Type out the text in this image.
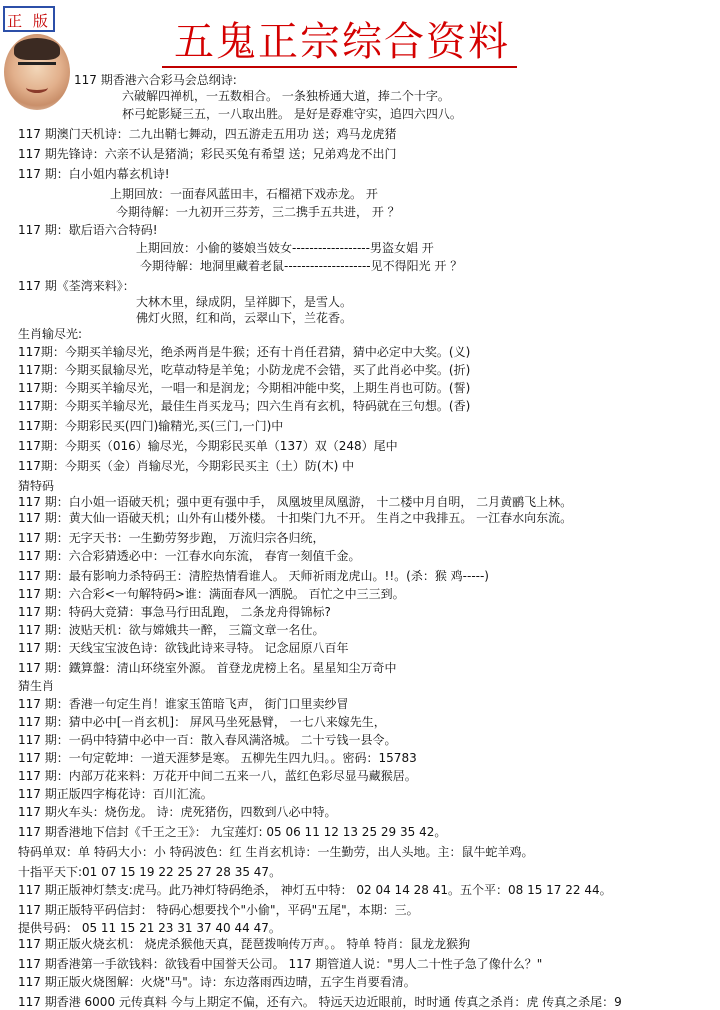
正 版	五鬼正宗综合资料
117 期香港六合彩马会总纲诗:
六破解四禅机，一五数相合。 一条独桥通大道，捧二个十字。
杯弓蛇影疑三五，一八取出胜。 是好是孬难守实，追四六四八。
117 期澳门天机诗：二九出鞘七舞动，四五游走五用功 送；鸡马龙虎猪
117 期先锋诗：六亲不认是猪淌；彩民买兔有希望 送；兄弟鸡龙不出门
117 期：白小姐内幕玄机诗!
上期回放：一面春风蓝田丰，石榴裙下戏赤龙。 开
今期待解：一九初开三芬芳，三二携手五共进， 开 ？
117 期：歇后语六合特码!
上期回放：小偷的婆娘当妓女------------------男盗女娼 开
今期待解：地洞里藏着老鼠--------------------见不得阳光 开 ？
117 期《荃湾来料》：
大林木里，绿成阴，呈祥脚下，是雪人。
佛灯火照，红和尚，云翠山下，兰花香。
生肖输尽光:
117期：今期买羊输尽光，绝杀两肖是牛猴；还有十肖任君猜，猜中必定中大奖。(义)
117期：今期买鼠输尽光，吃草动特是羊兔；小防龙虎不会错，买了此肖必中奖。(折)
117期：今期买羊输尽光，一唱一和是润龙；今期相冲能中奖，上期生肖也可防。(誓)
117期：今期买羊输尽光，最佳生肖买龙马；四六生肖有玄机，特码就在三句想。(香)
117期：今期彩民买(四门)输精光,买(三门,一门)中
117期：今期买（016）输尽光，今期彩民买单（137）双（248）尾中
117期：今期买（金）肖输尽光，今期彩民买主（土）防(木) 中
猜特码
117 期：白小姐一语破天机；强中更有强中手， 凤凰坡里凤凰游， 十二楼中月自明， 二月黄鹂飞上林。
117 期：黄大仙一语破天机；山外有山楼外楼。 十扣柴门九不开。 生肖之中我排五。 一江春水向东流。
117 期：无字天书：一生勤劳努步跑， 万流归宗各归统，
117 期：六合彩猜透必中：一江春水向东流， 春宵一刻值千金。
117 期：最有影响力杀特码王：清腔热情看谁人。 天师祈雨龙虎山。!!。(杀：猴 鸡-----)
117 期：六合彩<一句解特码>谁：满面春风一洒脱。 百忙之中三三到。
117 期：特码大竞猜：事急马行田乱跑， 二条龙舟得锦标?
117 期：波贴天机：欲与嫦娥共一醉， 三篇文章一名仕。
117 期：天线宝宝波色诗：欲钱此诗来寻特。 记念屈原八百年
117 期：鐵算盤：清山环绕室外源。 首登龙虎榜上名。星星知尘万奇中
猜生肖
117 期：香港一句定生肖！谁家玉笛暗飞声， 街门口里卖纱冒
117 期：猜中必中[一肖玄机]： 屏风马坐死悬臂， 一七八来嫁先生，
117 期：一码中特猜中必中一百：散入春风满洛城。 二十亏钱一县令。
117 期：一句定乾坤：一道天涯梦是寒。 五柳先生四九归。。密码：15783
117 期：内部万花来料：万花开中间二五来一八，蓝红色彩尽显马藏猴居。
117 期正版四字梅花诗：百川汇流。
117 期火车头：烧伤龙。 诗：虎死猪伤，四数到八必中特。
117 期香港地下信封《千王之王》： 九宝莲灯: 05 06 11 12 13 25 29 35 42。
特码单双：单 特码大小：小 特码波色：红 生肖玄机诗：一生勤劳，出人头地。主：鼠牛蛇羊鸡。
十指平天下:01 07 15 19 22 25 27 28 35 47。
117 期正版神灯禁支:虎马。此乃神灯特码绝杀， 神灯五中特： 02 04 14 28 41。五个平：08 15 17 22 44。
117 期正版特平码信封： 特码心想要找个"小偷"，平码"五尾"，本期：三。
提供号码： 05 11 15 21 23 31 37 40 44 47。
117 期正版火烧玄机： 烧虎杀猴他天真，琵琶拨响传万声。。 特单 特肖：鼠龙龙猴狗
117 期香港第一手欲钱料：欲钱看中国誉天公司。 117 期管道人说："男人二十性子急了像什么？"
117 期正版火烧图解：火烧"马"。诗：东边落雨西边晴，五字生肖要看清。
117 期香港 6000 元传真料 今与上期定不偏，还有六。 特远天边近眼前，时时通 传真之杀肖：虎 传真之杀尾：9
